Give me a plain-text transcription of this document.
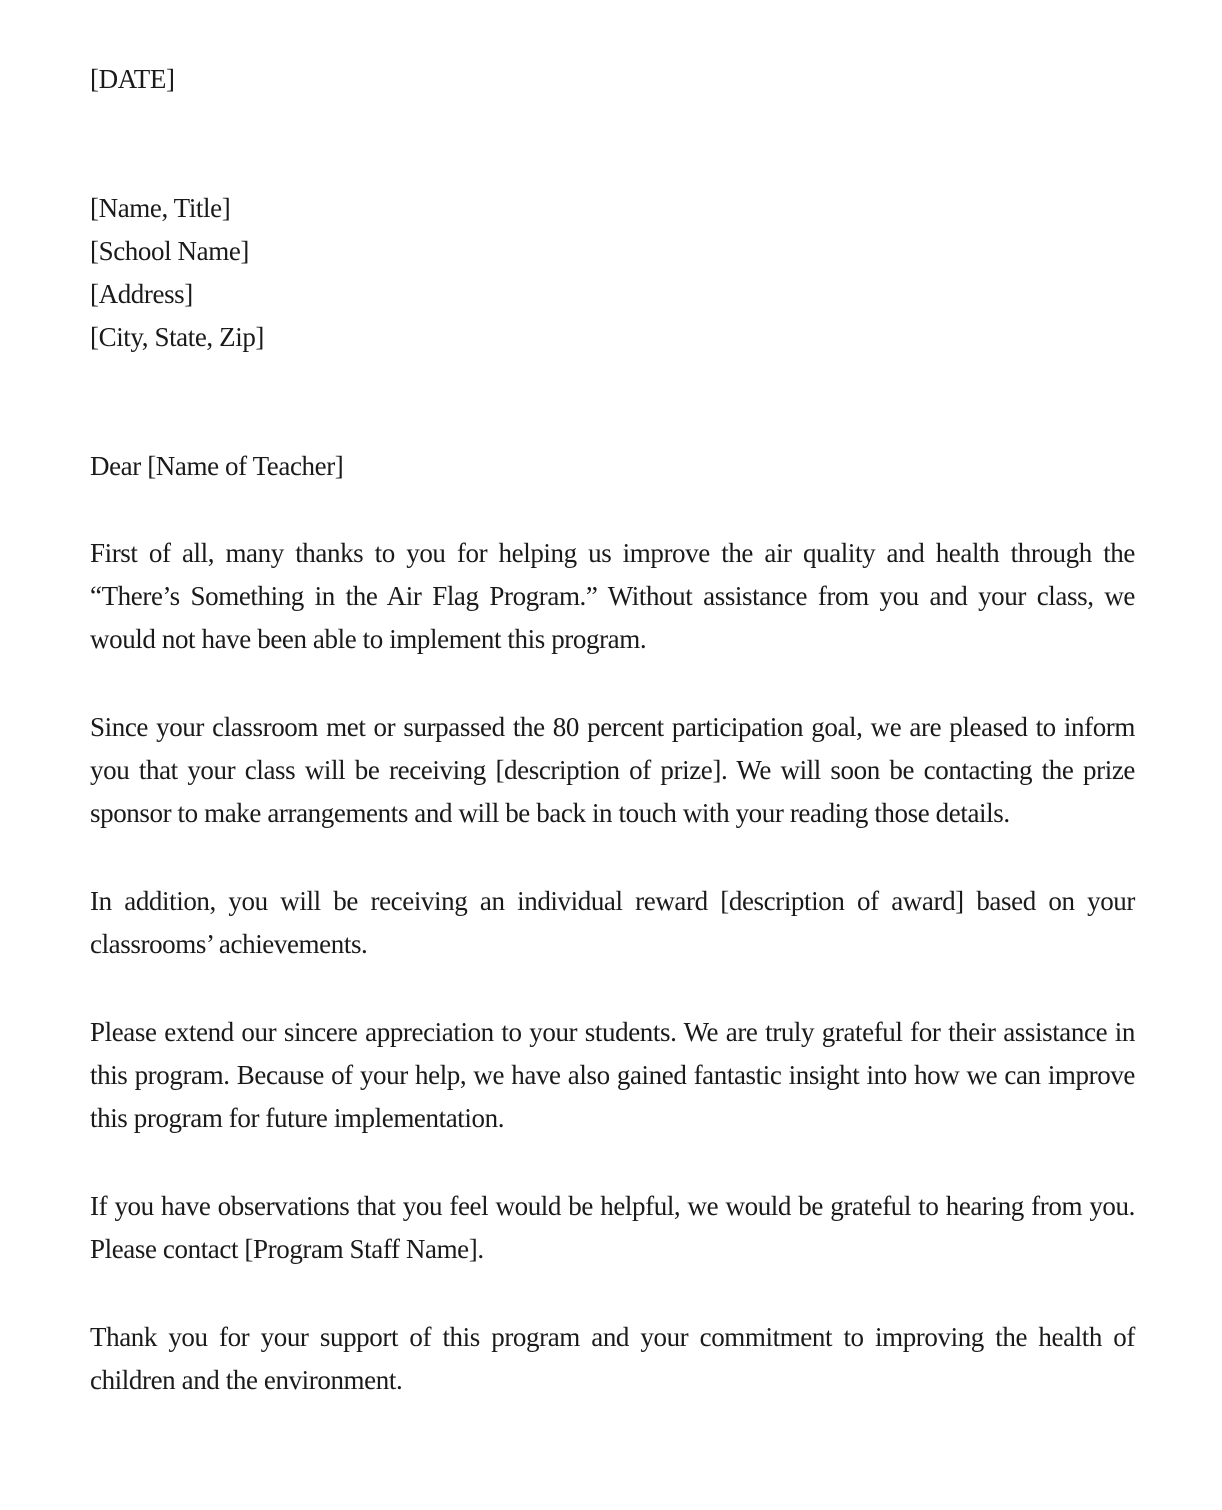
[DATE]
[Name, Title]
[School Name]
[Address]
[City, State, Zip]
Dear [Name of Teacher]

First of all, many thanks to you for helping us improve the air quality and health through the “There’s Something in the Air Flag Program.” Without assistance from you and your class, we would not have been able to implement this program.

Since your classroom met or surpassed the 80 percent participation goal, we are pleased to inform you that your class will be receiving [description of prize]. We will soon be contacting the prize sponsor to make arrangements and will be back in touch with your reading those details.

In addition, you will be receiving an individual reward [description of award] based on your classrooms’ achievements.

Please extend our sincere appreciation to your students. We are truly grateful for their assistance in this program. Because of your help, we have also gained fantastic insight into how we can improve this program for future implementation.

If you have observations that you feel would be helpful, we would be grateful to hearing from you. Please contact [Program Staff Name].

Thank you for your support of this program and your commitment to improving the health of children and the environment.
